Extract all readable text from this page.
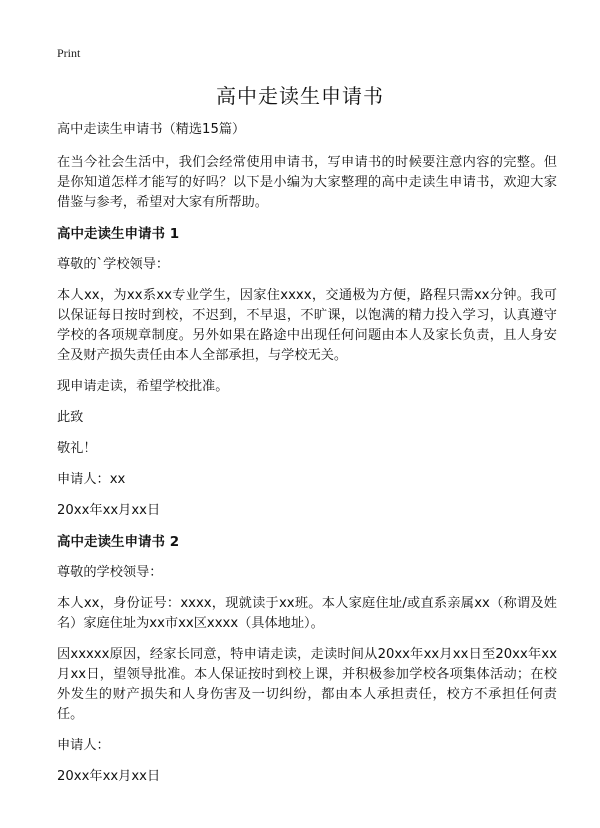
Print
高中走读生申请书

高中走读生申请书（精选15篇）

在当今社会生活中，我们会经常使用申请书，写申请书的时候要注意内容的完整。但是你知道怎样才能写的好吗？以下是小编为大家整理的高中走读生申请书，欢迎大家借鉴与参考，希望对大家有所帮助。

高中走读生申请书 1

尊敬的`学校领导：

本人xx，为xx系xx专业学生，因家住xxxx，交通极为方便，路程只需xx分钟。我可以保证每日按时到校，不迟到，不早退，不旷课，以饱满的精力投入学习，认真遵守学校的各项规章制度。另外如果在路途中出现任何问题由本人及家长负责，且人身安全及财产损失责任由本人全部承担，与学校无关。

现申请走读，希望学校批准。

此致

敬礼！

申请人：xx

20xx年xx月xx日

高中走读生申请书 2

尊敬的学校领导：

本人xx，身份证号：xxxx，现就读于xx班。本人家庭住址/或直系亲属xx（称谓及姓名）家庭住址为xx市xx区xxxx（具体地址）。

因xxxxx原因，经家长同意，特申请走读，走读时间从20xx年xx月xx日至20xx年xx月xx日，望领导批准。本人保证按时到校上课，并积极参加学校各项集体活动；在校外发生的财产损失和人身伤害及一切纠纷，都由本人承担责任，校方不承担任何责任。

申请人：

20xx年xx月xx日
